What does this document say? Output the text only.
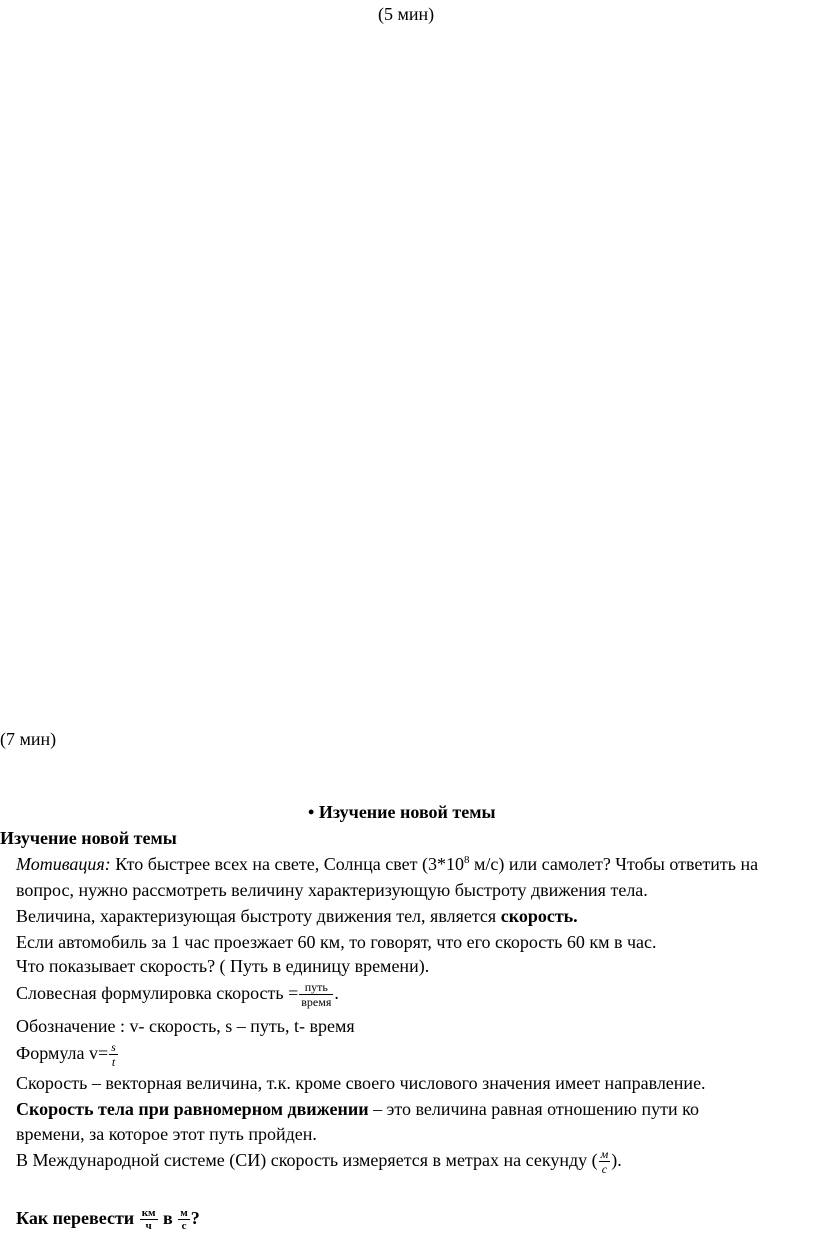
(5 мин)
(7 мин)
• Изучение новой темы
Изучение новой темы
Мотивация: Кто быстрее всех на свете, Солнца свет ($3*10^8$ м/с) или самолет? Чтобы ответить на
вопрос, нужно рассмотреть величину характеризующую быстроту движения тела.
Величина, характеризующая быстроту движения тел, является скорость.
Если автомобиль за 1 час проезжает 60 км, то говорят, что его скорость 60 км в час.
Что показывает скорость? ( Путь в единицу времени).
Словесная формулировка скорость = $\frac{\text{путь}}{\text{время}}$ .
Обозначение : v- скорость, s – путь, t- время
Формула $v= \frac{s}{t}$
Скорость – векторная величина, т.к. кроме своего числового значения имеет направление.
Скорость тела при равномерном движении – это величина равная отношению пути ко
времени, за которое этот путь пройден.
В Международной системе (СИ) скорость измеряется в метрах на секунду ( $\frac{м}{с}$ ).
Как перевести $\frac{км}{ч}$ в $\frac{м}{с}$ ?
